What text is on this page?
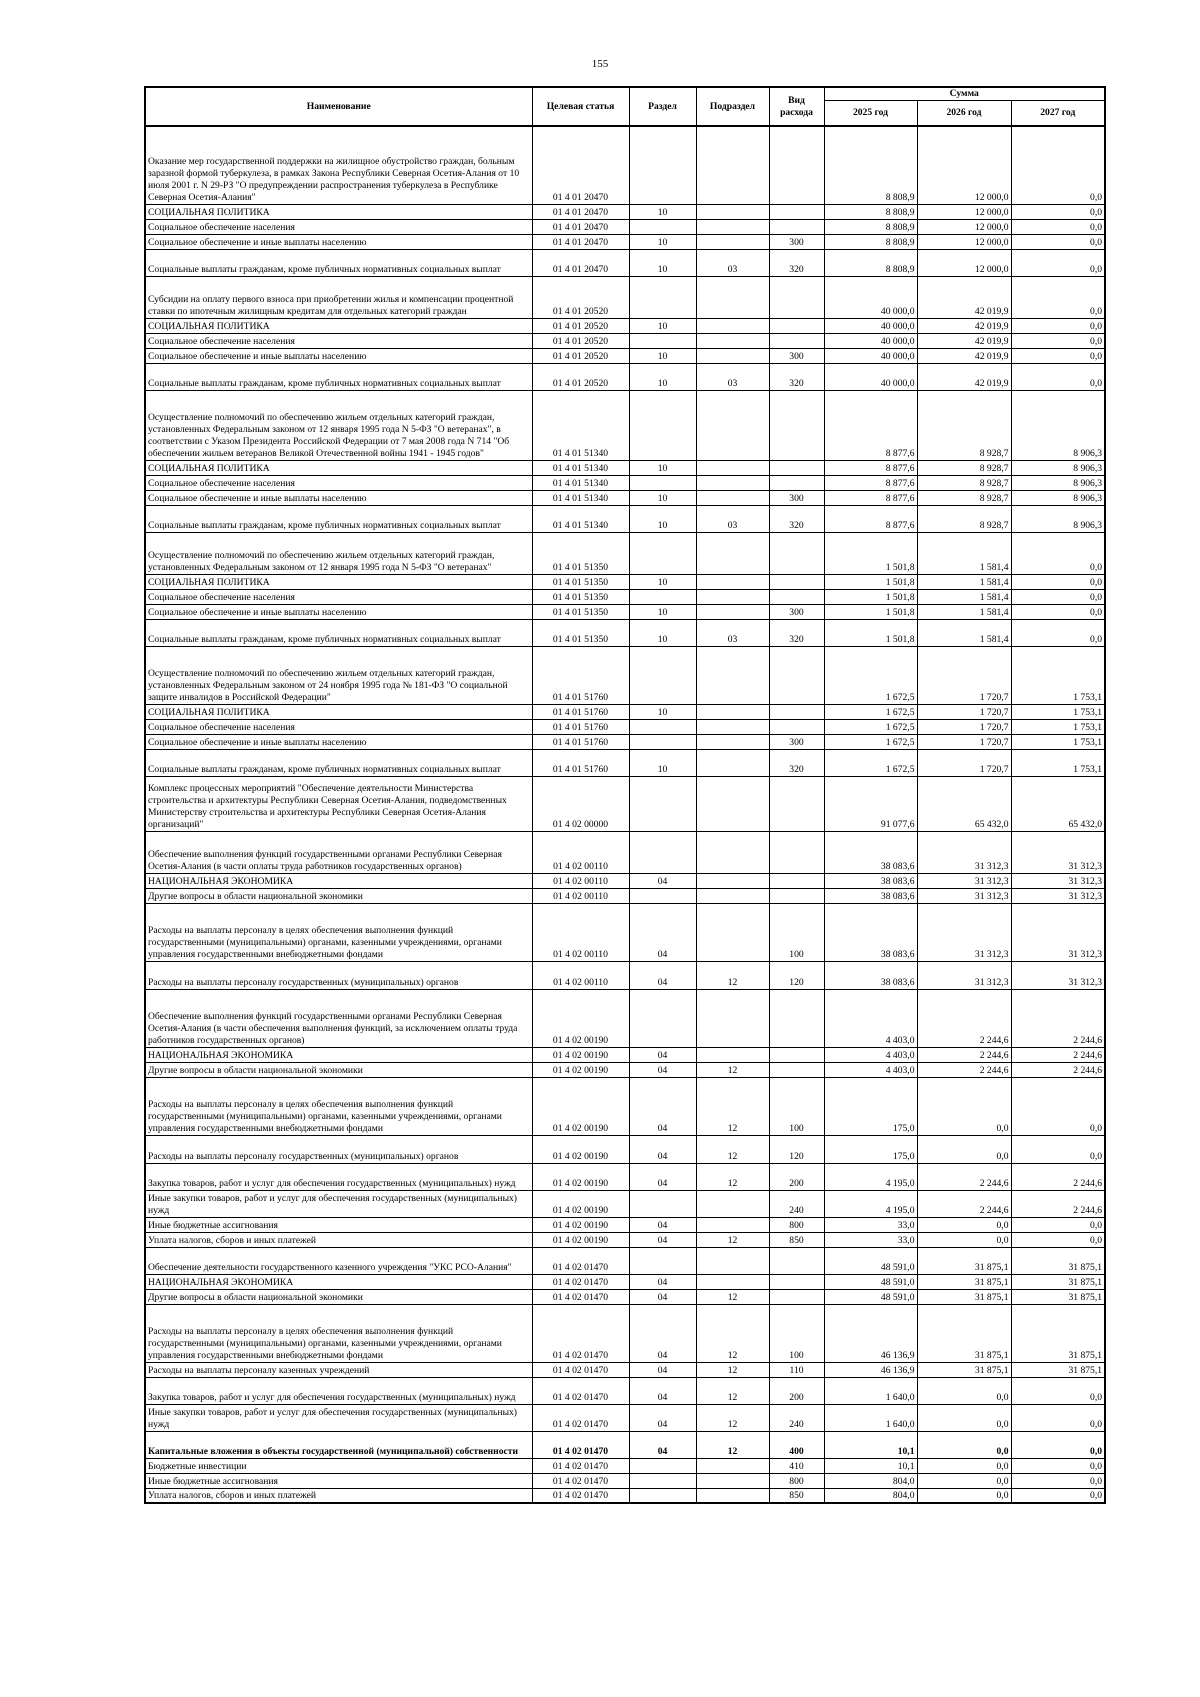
155
Наименование	Целевая статья	Раздел	Подраздел	Вид расхода	Сумма		
					2025 год	2026 год	2027 год
Оказание мер государственной поддержки на жилищное обустройство граждан, больным заразной формой туберкулеза, в рамках Закона Республики Северная Осетия-Алания от 10 июля 2001 г. N 29-РЗ "О предупреждении распространения туберкулеза в Республике Северная Осетия-Алания"	01 4 01 20470				8 808,9	12 000,0	0,0
СОЦИАЛЬНАЯ ПОЛИТИКА	01 4 01 20470	10			8 808,9	12 000,0	0,0
Социальное обеспечение населения	01 4 01 20470				8 808,9	12 000,0	0,0
Социальное обеспечение и иные выплаты населению	01 4 01 20470	10		300	8 808,9	12 000,0	0,0
Социальные выплаты гражданам, кроме публичных нормативных социальных выплат	01 4 01 20470	10	03	320	8 808,9	12 000,0	0,0
Субсидии на оплату первого взноса при приобретении жилья и компенсации процентной ставки по ипотечным жилищным кредитам для отдельных категорий граждан	01 4 01 20520				40 000,0	42 019,9	0,0
СОЦИАЛЬНАЯ ПОЛИТИКА	01 4 01 20520	10			40 000,0	42 019,9	0,0
Социальное обеспечение населения	01 4 01 20520				40 000,0	42 019,9	0,0
Социальное обеспечение и иные выплаты населению	01 4 01 20520	10		300	40 000,0	42 019,9	0,0
Социальные выплаты гражданам, кроме публичных нормативных социальных выплат	01 4 01 20520	10	03	320	40 000,0	42 019,9	0,0
Осуществление полномочий по обеспечению жильем отдельных категорий граждан, установленных Федеральным законом от 12 января 1995 года N 5-ФЗ "О ветеранах", в соответствии с Указом Президента Российской Федерации от 7 мая 2008 года N 714 "Об обеспечении жильем ветеранов Великой Отечественной войны 1941 - 1945 годов"	01 4 01 51340				8 877,6	8 928,7	8 906,3
СОЦИАЛЬНАЯ ПОЛИТИКА	01 4 01 51340	10			8 877,6	8 928,7	8 906,3
Социальное обеспечение населения	01 4 01 51340				8 877,6	8 928,7	8 906,3
Социальное обеспечение и иные выплаты населению	01 4 01 51340	10		300	8 877,6	8 928,7	8 906,3
Социальные выплаты гражданам, кроме публичных нормативных социальных выплат	01 4 01 51340	10	03	320	8 877,6	8 928,7	8 906,3
Осуществление полномочий по обеспечению жильем отдельных категорий граждан, установленных Федеральным законом от 12 января 1995 года N 5-ФЗ "О ветеранах"	01 4 01 51350				1 501,8	1 581,4	0,0
СОЦИАЛЬНАЯ ПОЛИТИКА	01 4 01 51350	10			1 501,8	1 581,4	0,0
Социальное обеспечение населения	01 4 01 51350				1 501,8	1 581,4	0,0
Социальное обеспечение и иные выплаты населению	01 4 01 51350	10		300	1 501,8	1 581,4	0,0
Социальные выплаты гражданам, кроме публичных нормативных социальных выплат	01 4 01 51350	10	03	320	1 501,8	1 581,4	0,0
Осуществление полномочий по обеспечению жильем отдельных категорий граждан, установленных Федеральным законом от 24 ноября 1995 года № 181-ФЗ "О социальной защите инвалидов в Российской Федерации"	01 4 01 51760				1 672,5	1 720,7	1 753,1
СОЦИАЛЬНАЯ ПОЛИТИКА	01 4 01 51760	10			1 672,5	1 720,7	1 753,1
Социальное обеспечение населения	01 4 01 51760				1 672,5	1 720,7	1 753,1
Социальное обеспечение и иные выплаты населению	01 4 01 51760			300	1 672,5	1 720,7	1 753,1
Социальные выплаты гражданам, кроме публичных нормативных социальных выплат	01 4 01 51760	10		320	1 672,5	1 720,7	1 753,1
Комплекс процессных мероприятий "Обеспечение деятельности Министерства строительства и архитектуры Республики Северная Осетия-Алания, подведомственных Министерству строительства и архитектуры Республики Северная Осетия-Алания организаций"	01 4 02 00000				91 077,6	65 432,0	65 432,0
Обеспечение выполнения функций государственными органами Республики Северная Осетия-Алания (в части оплаты труда работников государственных органов)	01 4 02 00110				38 083,6	31 312,3	31 312,3
НАЦИОНАЛЬНАЯ ЭКОНОМИКА	01 4 02 00110	04			38 083,6	31 312,3	31 312,3
Другие вопросы в области национальной экономики	01 4 02 00110				38 083,6	31 312,3	31 312,3
Расходы на выплаты персоналу в целях обеспечения выполнения функций государственными (муниципальными) органами, казенными учреждениями, органами управления государственными внебюджетными фондами	01 4 02 00110	04		100	38 083,6	31 312,3	31 312,3
Расходы на выплаты персоналу государственных (муниципальных) органов	01 4 02 00110	04	12	120	38 083,6	31 312,3	31 312,3
Обеспечение выполнения функций государственными органами Республики Северная Осетия-Алания (в части обеспечения выполнения функций, за исключением оплаты труда работников государственных органов)	01 4 02 00190				4 403,0	2 244,6	2 244,6
НАЦИОНАЛЬНАЯ ЭКОНОМИКА	01 4 02 00190	04			4 403,0	2 244,6	2 244,6
Другие вопросы в области национальной экономики	01 4 02 00190	04	12		4 403,0	2 244,6	2 244,6
Расходы на выплаты персоналу в целях обеспечения выполнения функций государственными (муниципальными) органами, казенными учреждениями, органами управления государственными внебюджетными фондами	01 4 02 00190	04	12	100	175,0	0,0	0,0
Расходы на выплаты персоналу государственных (муниципальных) органов	01 4 02 00190	04	12	120	175,0	0,0	0,0
Закупка товаров, работ и услуг для обеспечения государственных (муниципальных) нужд	01 4 02 00190	04	12	200	4 195,0	2 244,6	2 244,6
Иные закупки товаров, работ и услуг для обеспечения государственных (муниципальных) нужд	01 4 02 00190			240	4 195,0	2 244,6	2 244,6
Иные бюджетные ассигнования	01 4 02 00190	04		800	33,0	0,0	0,0
Уплата налогов, сборов и иных платежей	01 4 02 00190	04	12	850	33,0	0,0	0,0
Обеспечение деятельности государственного казенного учреждения "УКС РСО-Алания"	01 4 02 01470				48 591,0	31 875,1	31 875,1
НАЦИОНАЛЬНАЯ ЭКОНОМИКА	01 4 02 01470	04			48 591,0	31 875,1	31 875,1
Другие вопросы в области национальной экономики	01 4 02 01470	04	12		48 591,0	31 875,1	31 875,1
Расходы на выплаты персоналу в целях обеспечения выполнения функций государственными (муниципальными) органами, казенными учреждениями, органами управления государственными внебюджетными фондами	01 4 02 01470	04	12	100	46 136,9	31 875,1	31 875,1
Расходы на выплаты персоналу казенных учреждений	01 4 02 01470	04	12	110	46 136,9	31 875,1	31 875,1
Закупка товаров, работ и услуг для обеспечения государственных (муниципальных) нужд	01 4 02 01470	04	12	200	1 640,0	0,0	0,0
Иные закупки товаров, работ и услуг для обеспечения государственных (муниципальных) нужд	01 4 02 01470	04	12	240	1 640,0	0,0	0,0
Капитальные вложения в объекты государственной (муниципальной) собственности	01 4 02 01470	04	12	400	10,1	0,0	0,0
Бюджетные инвестиции	01 4 02 01470			410	10,1	0,0	0,0
Иные бюджетные ассигнования	01 4 02 01470			800	804,0	0,0	0,0
Уплата налогов, сборов и иных платежей	01 4 02 01470			850	804,0	0,0	0,0
